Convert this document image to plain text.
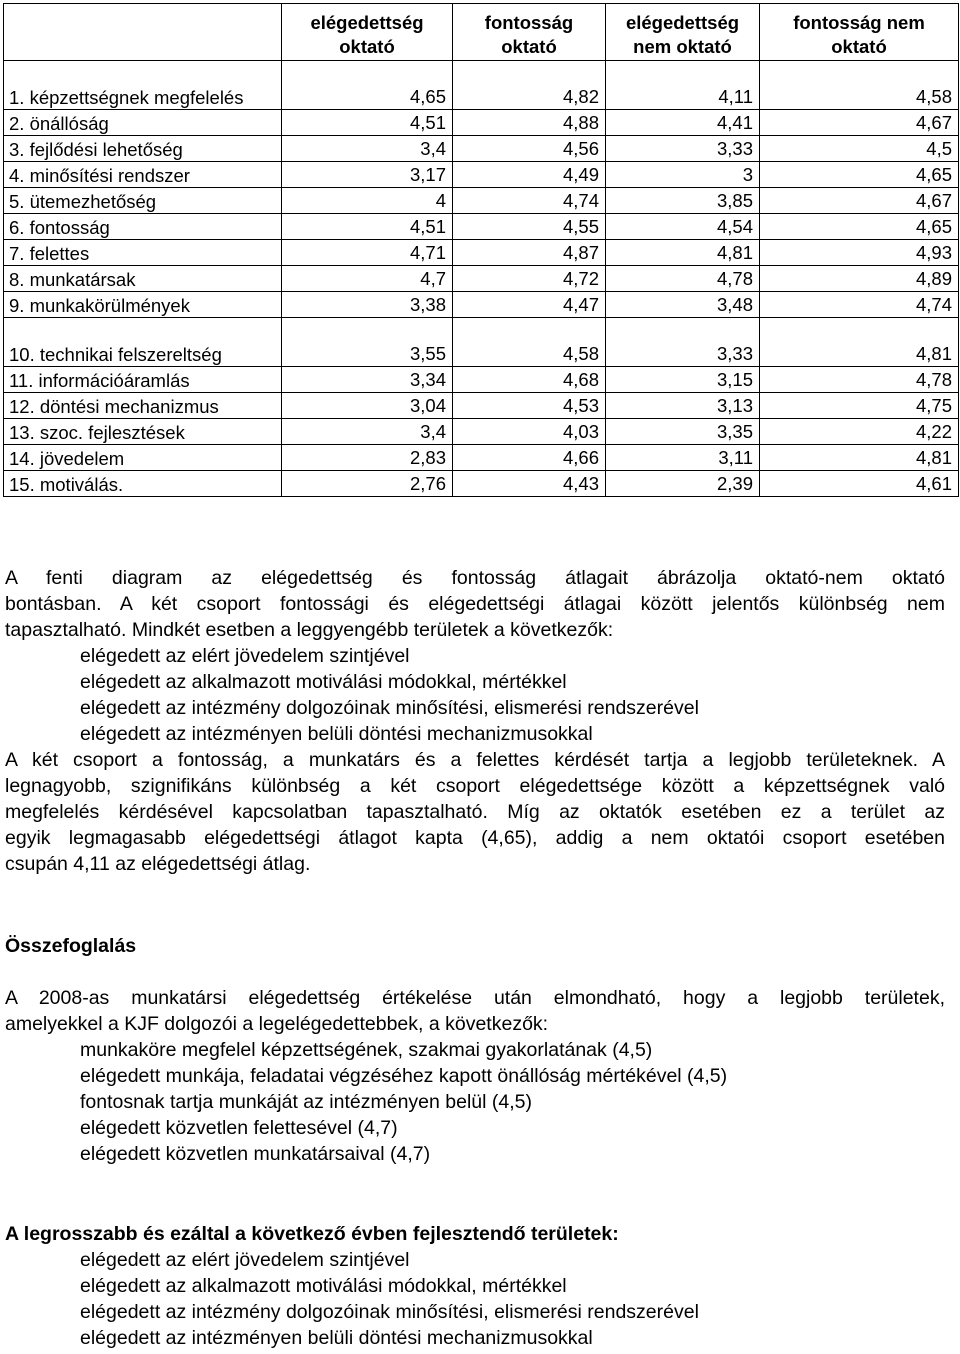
	elégedettség oktató	fontosság oktató	elégedettség nem oktató	fontosság nem oktató
1. képzettségnek megfelelés	4,65	4,82	4,11	4,58
2. önállóság	4,51	4,88	4,41	4,67
3. fejlődési lehetőség	3,4	4,56	3,33	4,5
4. minősítési rendszer	3,17	4,49	3	4,65
5. ütemezhetőség	4	4,74	3,85	4,67
6. fontosság	4,51	4,55	4,54	4,65
7. felettes	4,71	4,87	4,81	4,93
8. munkatársak	4,7	4,72	4,78	4,89
9. munkakörülmények	3,38	4,47	3,48	4,74
10. technikai felszereltség	3,55	4,58	3,33	4,81
11. információáramlás	3,34	4,68	3,15	4,78
12. döntési mechanizmus	3,04	4,53	3,13	4,75
13. szoc. fejlesztések	3,4	4,03	3,35	4,22
14. jövedelem	2,83	4,66	3,11	4,81
15. motiválás.	2,76	4,43	2,39	4,61
A fenti diagram az elégedettség és fontosság átlagait ábrázolja oktató-nem oktató
bontásban. A két csoport fontossági és elégedettségi átlagai között jelentős különbség nem
tapasztalható. Mindkét esetben a leggyengébb területek a következők:
elégedett az elért jövedelem szintjével
elégedett az alkalmazott motiválási módokkal, mértékkel
elégedett az intézmény dolgozóinak minősítési, elismerési rendszerével
elégedett az intézményen belüli döntési mechanizmusokkal
A két csoport a fontosság, a munkatárs és a felettes kérdését tartja a legjobb területeknek. A
legnagyobb, szignifikáns különbség a két csoport elégedettsége között a képzettségnek való
megfelelés kérdésével kapcsolatban tapasztalható. Míg az oktatók esetében ez a terület az
egyik legmagasabb elégedettségi átlagot kapta (4,65), addig a nem oktatói csoport esetében
csupán 4,11 az elégedettségi átlag.
Összefoglalás
A 2008-as munkatársi elégedettség értékelése után elmondható, hogy a legjobb területek,
amelyekkel a KJF dolgozói a legelégedettebbek, a következők:
munkaköre megfelel képzettségének, szakmai gyakorlatának (4,5)
elégedett munkája, feladatai végzéséhez kapott önállóság mértékével (4,5)
fontosnak tartja munkáját az intézményen belül (4,5)
elégedett közvetlen felettesével (4,7)
elégedett közvetlen munkatársaival (4,7)
A legrosszabb és ezáltal a következő évben fejlesztendő területek:
elégedett az elért jövedelem szintjével
elégedett az alkalmazott motiválási módokkal, mértékkel
elégedett az intézmény dolgozóinak minősítési, elismerési rendszerével
elégedett az intézményen belüli döntési mechanizmusokkal
